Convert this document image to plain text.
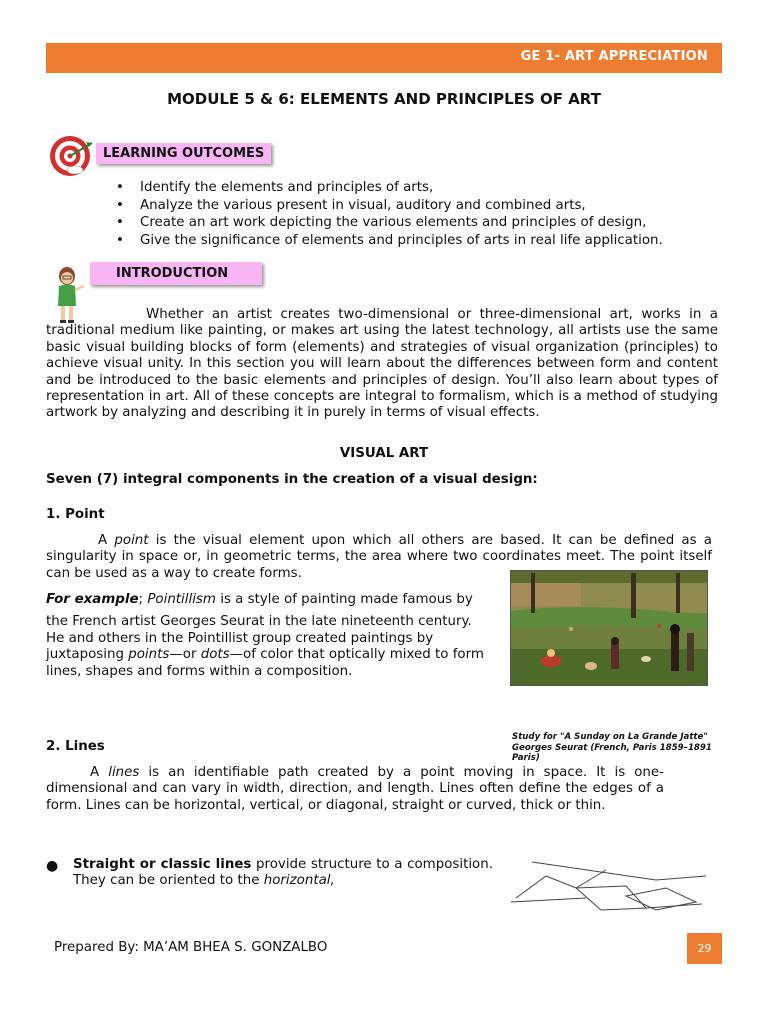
GE 1- ART APPRECIATION
MODULE 5 & 6: ELEMENTS AND PRINCIPLES OF ART
LEARNING OUTCOMES
• Identify the elements and principles of arts,
• Analyze the various present in visual, auditory and combined arts,
• Create an art work depicting the various elements and principles of design,
• Give the significance of elements and principles of arts in real life application.
INTRODUCTION
Whether an artist creates two-dimensional or three-dimensional art, works in a traditional medium like painting, or makes art using the latest technology, all artists use the same basic visual building blocks of form (elements) and strategies of visual organization (principles) to achieve visual unity. In this section you will learn about the differences between form and content and be introduced to the basic elements and principles of design. You’ll also learn about types of representation in art. All of these concepts are integral to formalism, which is a method of studying artwork by analyzing and describing it in purely in terms of visual effects.
VISUAL ART
Seven (7) integral components in the creation of a visual design:
1. Point
A point is the visual element upon which all others are based. It can be defined as a singularity in space or, in geometric terms, the area where two coordinates meet. The point itself can be used as a way to create forms.
Study for "A Sunday on La Grande Jatte"
Georges Seurat (French, Paris 1859–1891 Paris)
For example; Pointillism is a style of painting made famous by
the French artist Georges Seurat in the late nineteenth century.
He and others in the Pointillist group created paintings by
juxtaposing points—or dots—of color that optically mixed to form
lines, shapes and forms within a composition.
2. Lines
A lines is an identifiable path created by a point moving in space. It is one-dimensional and can vary in width, direction, and length. Lines often define the edges of a form. Lines can be horizontal, vertical, or diagonal, straight or curved, thick or thin.
● Straight or classic lines provide structure to a composition. They can be oriented to the horizontal,
Prepared By: MA’AM BHEA S. GONZALBO	29
